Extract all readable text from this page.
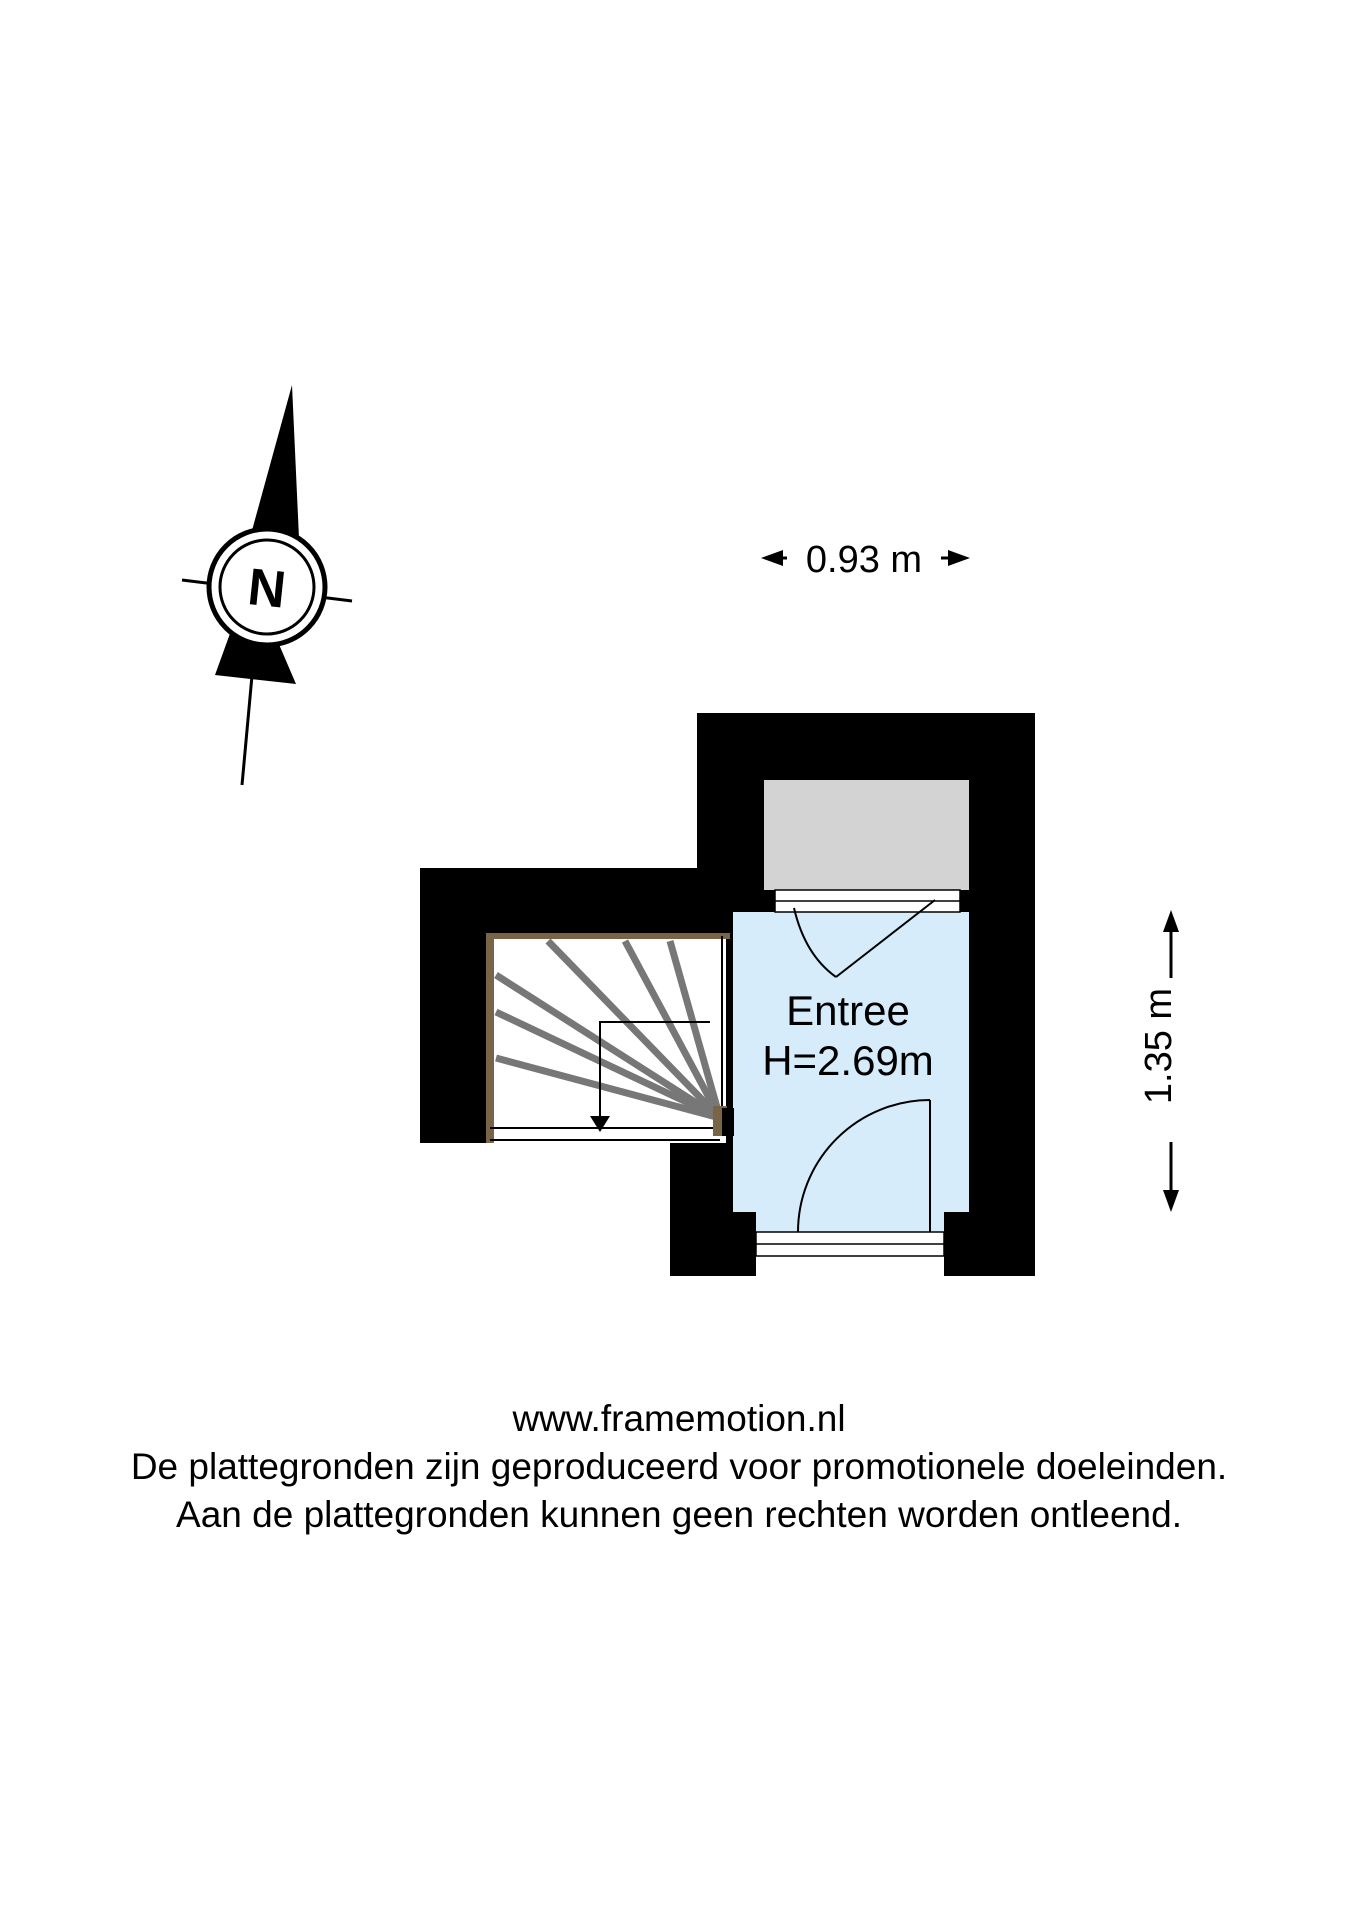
N	0.93 m
1.35 m
Entree
H=2.69m
www.framemotion.nl
De plattegronden zijn geproduceerd voor promotionele doeleinden.
Aan de plattegronden kunnen geen rechten worden ontleend.
